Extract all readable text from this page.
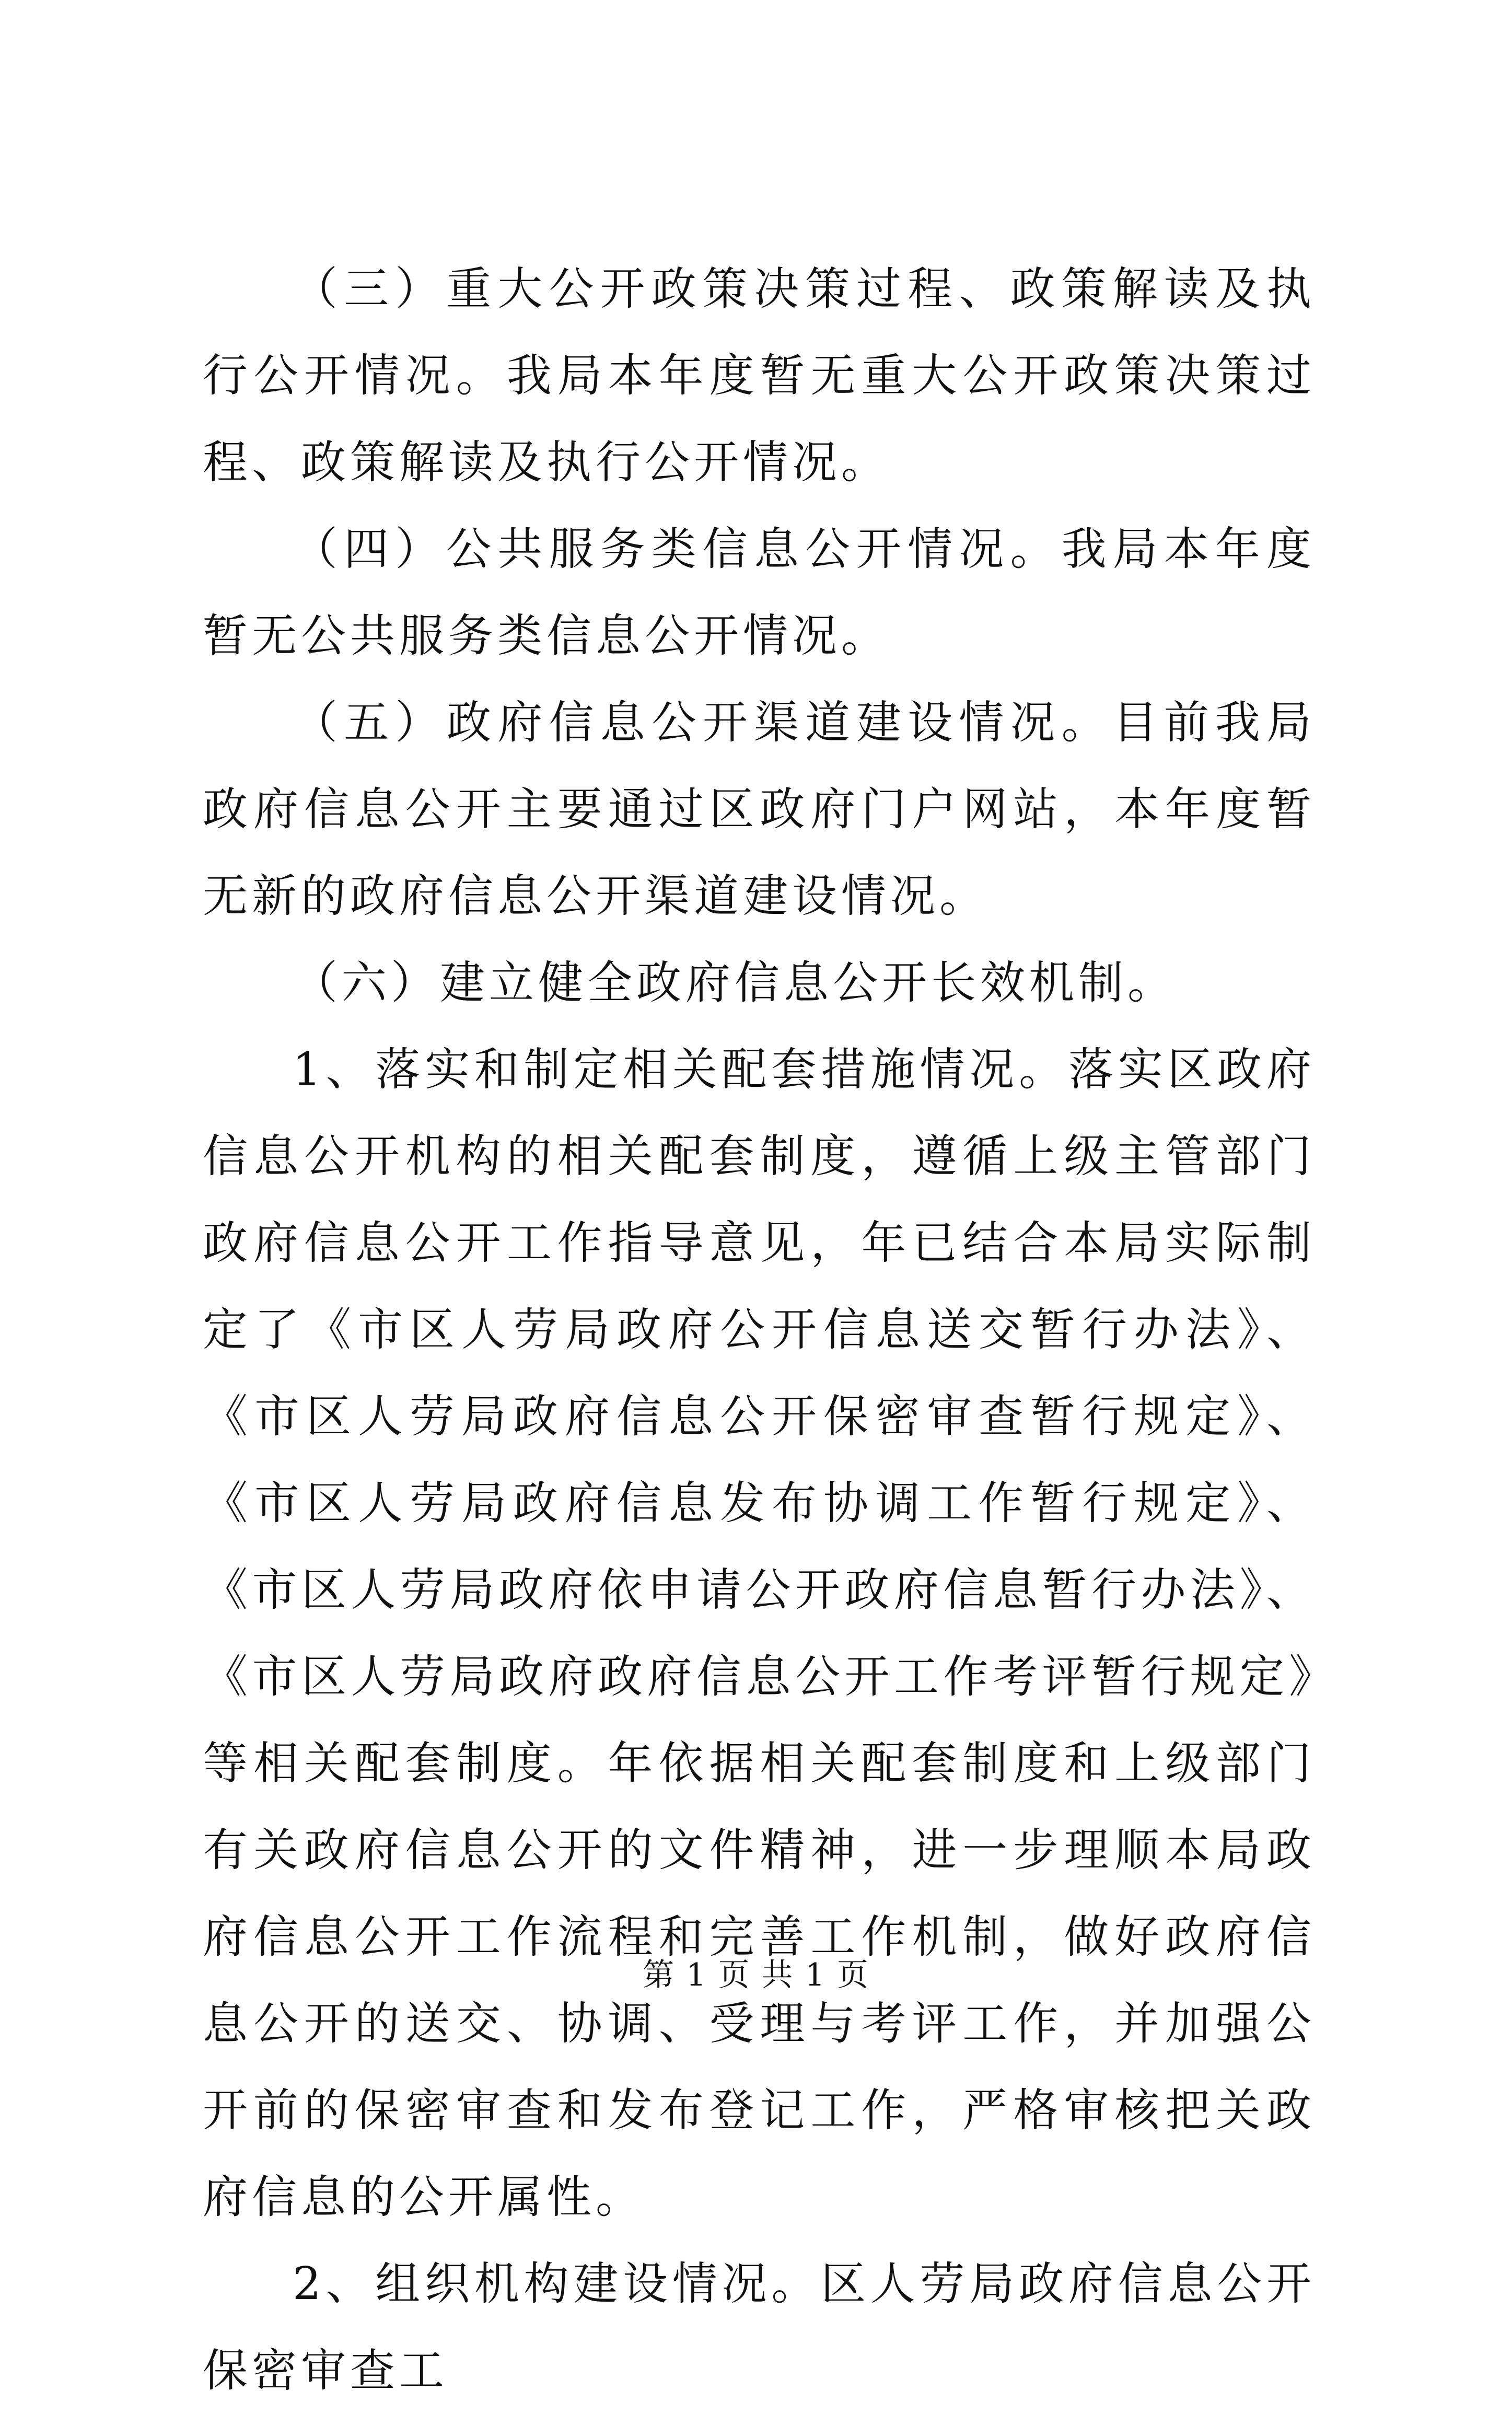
（三）重大公开政策决策过程、政策解读及执行公开情况。我局本年度暂无重大公开政策决策过程、政策解读及执行公开情况。

（四）公共服务类信息公开情况。我局本年度暂无公共服务类信息公开情况。

（五）政府信息公开渠道建设情况。目前我局政府信息公开主要通过区政府门户网站，本年度暂无新的政府信息公开渠道建设情况。

（六）建立健全政府信息公开长效机制。

1、落实和制定相关配套措施情况。落实区政府信息公开机构的相关配套制度，遵循上级主管部门政府信息公开工作指导意见，年已结合本局实际制定了《市区人劳局政府公开信息送交暂行办法》、《市区人劳局政府信息公开保密审查暂行规定》、《市区人劳局政府信息发布协调工作暂行规定》、《市区人劳局政府依申请公开政府信息暂行办法》、《市区人劳局政府政府信息公开工作考评暂行规定》等相关配套制度。年依据相关配套制度和上级部门有关政府信息公开的文件精神，进一步理顺本局政府信息公开工作流程和完善工作机制，做好政府信息公开的送交、协调、受理与考评工作，并加强公开前的保密审查和发布登记工作，严格审核把关政府信息的公开属性。

2、组织机构建设情况。区人劳局政府信息公开保密审查工

第 1 页 共 1 页
